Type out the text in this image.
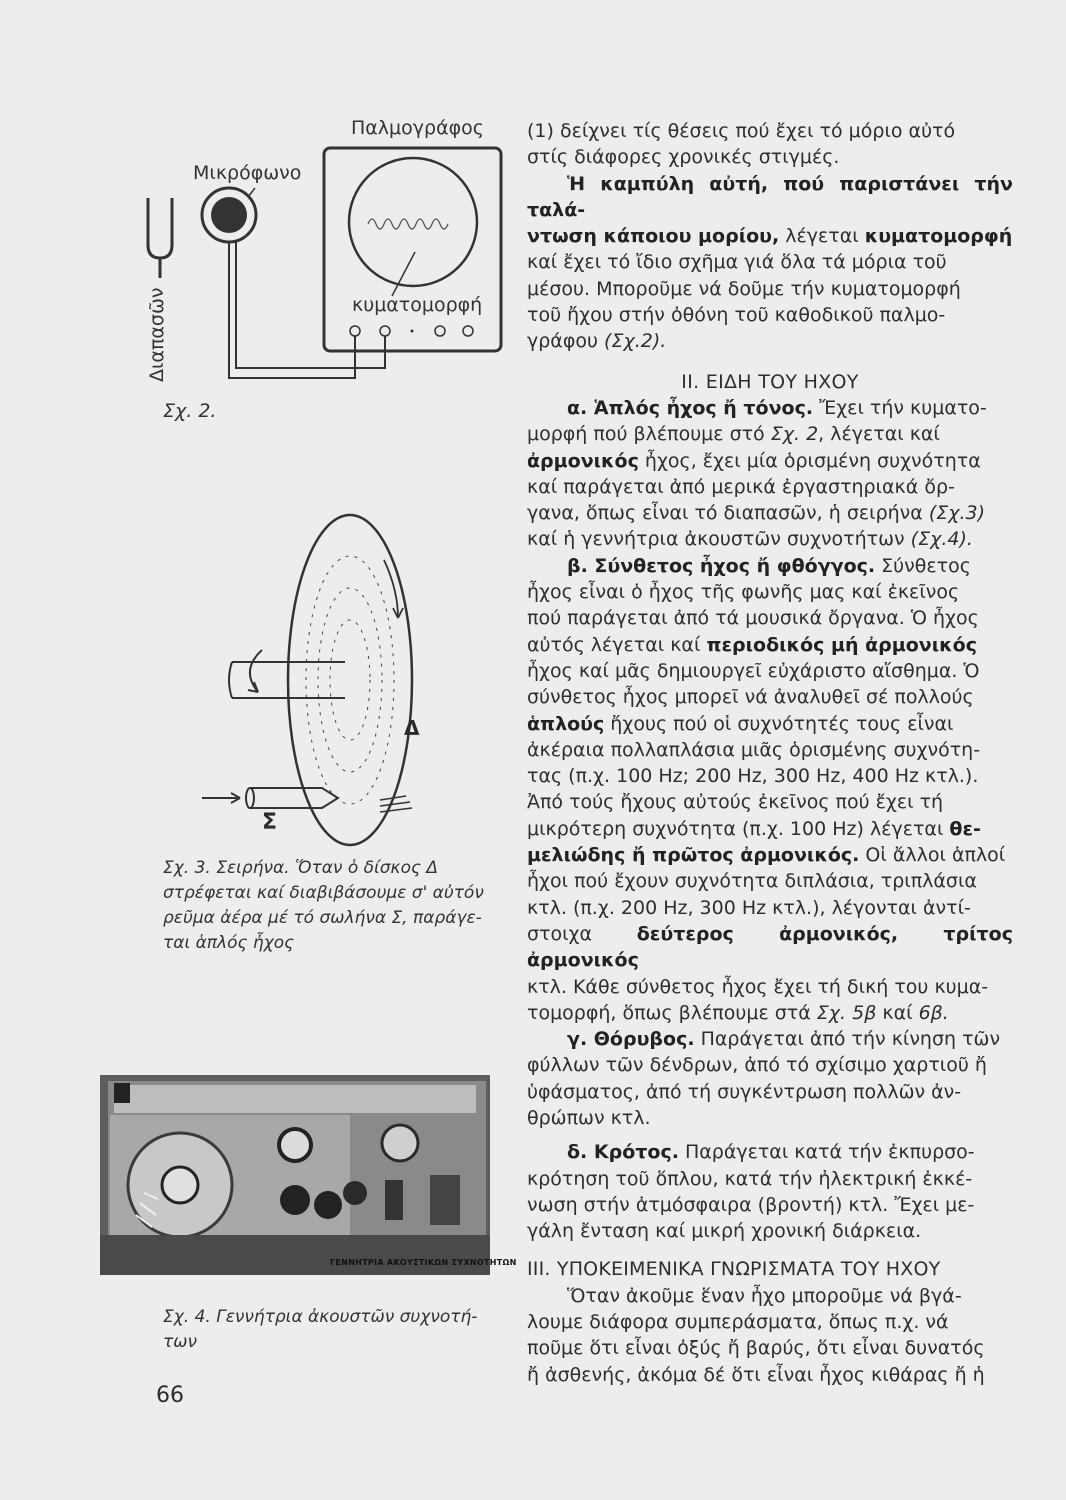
Παλμογράφος
Μικρόφωνο
κυματομορφή
Διαπασῶν
Σχ. 2.
Δ
Σ
Σχ. 3. Σειρήνα. Ὅταν ὁ δίσκος Δ
στρέφεται καί διαβιβάσουμε σ' αὐτόν
ρεῦμα ἀέρα μέ τό σωλήνα Σ, παράγε-
ται ἁπλός ἦχος
ΓΕΝΝΗΤΡΙΑ ΑΚΟΥΣΤΙΚΩΝ ΣΥΧΝΟΤΗΤΩΝ
Σχ. 4. Γεννήτρια ἀκουστῶν συχνοτή-
των
66

(1) δείχνει τίς θέσεις πού ἔχει τό μόριο αὐτό
στίς διάφορες χρονικές στιγμές.

Ἡ καμπύλη αὐτή, πού παριστάνει τήν ταλά-
ντωση κάποιου μορίου, λέγεται κυματομορφή
καί ἔχει τό ἴδιο σχῆμα γιά ὅλα τά μόρια τοῦ
μέσου. Μποροῦμε νά δοῦμε τήν κυματομορφή
τοῦ ἤχου στήν ὀθόνη τοῦ καθοδικοῦ παλμο-
γράφου (Σχ.2).

II. ΕΙΔΗ ΤΟΥ ΗΧΟΥ

α. Ἁπλός ἦχος ἤ τόνος. Ἔχει τήν κυματο-
μορφή πού βλέπουμε στό Σχ. 2, λέγεται καί
ἀρμονικός ἦχος, ἔχει μία ὁρισμένη συχνότητα
καί παράγεται ἀπό μερικά ἐργαστηριακά ὄρ-
γανα, ὅπως εἶναι τό διαπασῶν, ἡ σειρήνα (Σχ.3)
καί ἡ γεννήτρια ἀκουστῶν συχνοτήτων (Σχ.4).

β. Σύνθετος ἦχος ἤ φθόγγος. Σύνθετος
ἦχος εἶναι ὁ ἦχος τῆς φωνῆς μας καί ἐκεῖνος
πού παράγεται ἀπό τά μουσικά ὄργανα. Ὁ ἦχος
αὐτός λέγεται καί περιοδικός μή ἀρμονικός
ἦχος καί μᾶς δημιουργεῖ εὐχάριστο αἴσθημα. Ὁ
σύνθετος ἦχος μπορεῖ νά ἀναλυθεῖ σέ πολλούς
ἁπλούς ἤχους πού οἱ συχνότητές τους εἶναι
ἀκέραια πολλαπλάσια μιᾶς ὁρισμένης συχνότη-
τας (π.χ. 100 Hz; 200 Hz, 300 Hz, 400 Hz κτλ.).
Ἀπό τούς ἤχους αὐτούς ἐκεῖνος πού ἔχει τή
μικρότερη συχνότητα (π.χ. 100 Hz) λέγεται θε-
μελιώδης ἤ πρῶτος ἀρμονικός. Οἱ ἄλλοι ἁπλοί
ἦχοι πού ἔχουν συχνότητα διπλάσια, τριπλάσια
κτλ. (π.χ. 200 Hz, 300 Hz κτλ.), λέγονται ἀντί-
στοιχα δεύτερος ἀρμονικός, τρίτος ἀρμονικός
κτλ. Κάθε σύνθετος ἦχος ἔχει τή δική του κυμα-
τομορφή, ὅπως βλέπουμε στά Σχ. 5β καί 6β.

γ. Θόρυβος. Παράγεται ἀπό τήν κίνηση τῶν
φύλλων τῶν δένδρων, ἀπό τό σχίσιμο χαρτιοῦ ἤ
ὑφάσματος, ἀπό τή συγκέντρωση πολλῶν ἀν-
θρώπων κτλ.

δ. Κρότος. Παράγεται κατά τήν ἐκπυρσο-
κρότηση τοῦ ὅπλου, κατά τήν ἠλεκτρική ἐκκέ-
νωση στήν ἀτμόσφαιρα (βροντή) κτλ. Ἔχει με-
γάλη ἔνταση καί μικρή χρονική διάρκεια.

III. ΥΠΟΚΕΙΜΕΝΙΚΑ ΓΝΩΡΙΣΜΑΤΑ ΤΟΥ ΗΧΟΥ

Ὅταν ἀκοῦμε ἕναν ἦχο μποροῦμε νά βγά-
λουμε διάφορα συμπεράσματα, ὅπως π.χ. νά
ποῦμε ὅτι εἶναι ὀξύς ἤ βαρύς, ὅτι εἶναι δυνατός
ἤ ἀσθενής, ἀκόμα δέ ὅτι εἶναι ἦχος κιθάρας ἤ ἡ
